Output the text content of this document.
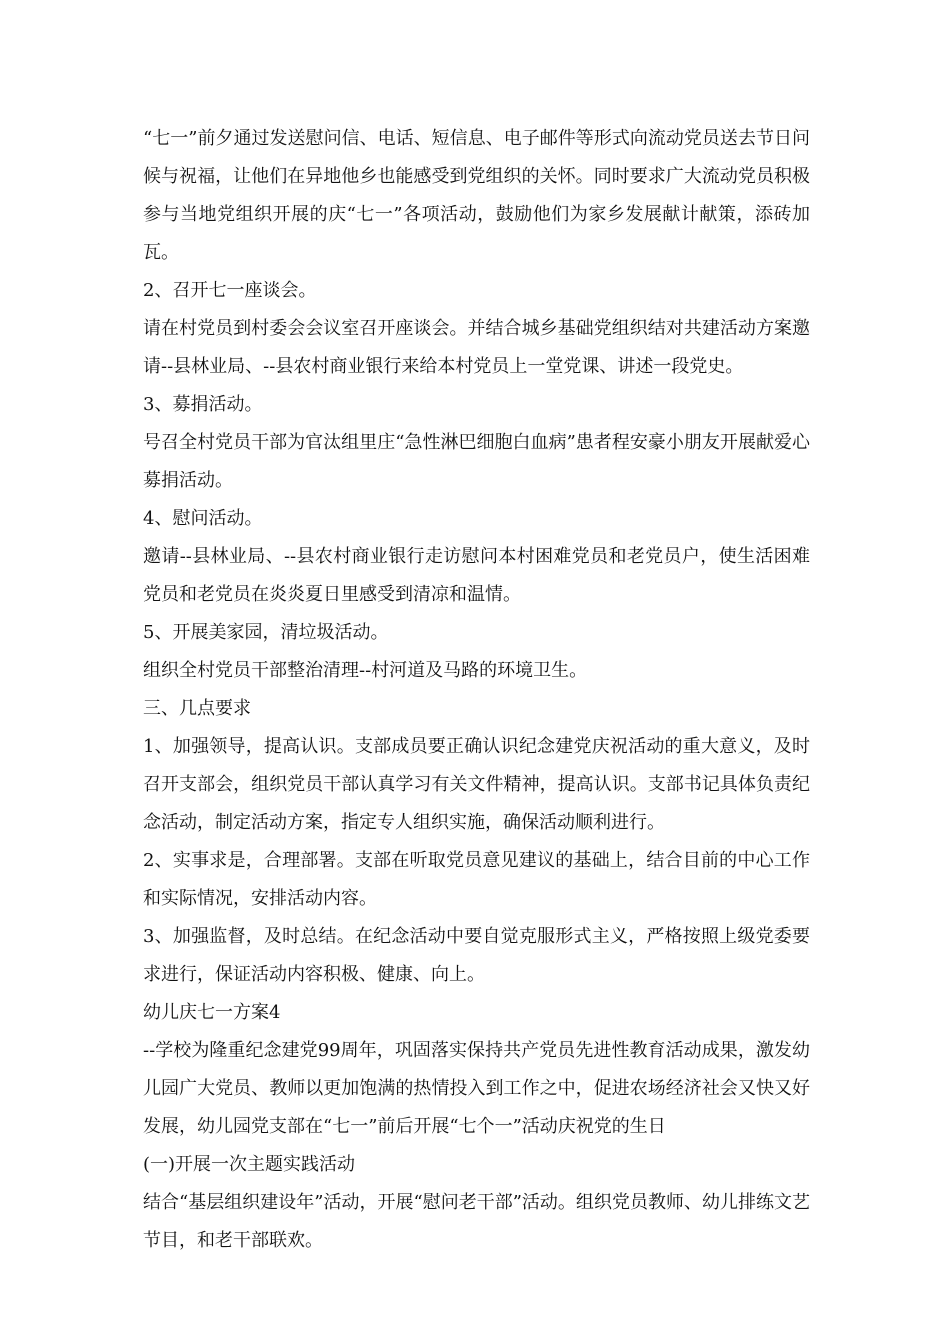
“七一”前夕通过发送慰问信、电话、短信息、电子邮件等形式向流动党员送去节日问候与祝福，让他们在异地他乡也能感受到党组织的关怀。同时要求广大流动党员积极参与当地党组织开展的庆“七一”各项活动，鼓励他们为家乡发展献计献策，添砖加瓦。

2、召开七一座谈会。

请在村党员到村委会会议室召开座谈会。并结合城乡基础党组织结对共建活动方案邀请--县林业局、--县农村商业银行来给本村党员上一堂党课、讲述一段党史。

3、募捐活动。

号召全村党员干部为官汰组里庄“急性淋巴细胞白血病”患者程安豪小朋友开展献爱心募捐活动。

4、慰问活动。

邀请--县林业局、--县农村商业银行走访慰问本村困难党员和老党员户，使生活困难党员和老党员在炎炎夏日里感受到清凉和温情。

5、开展美家园，清垃圾活动。

组织全村党员干部整治清理--村河道及马路的环境卫生。

三、几点要求

1、加强领导，提高认识。支部成员要正确认识纪念建党庆祝活动的重大意义，及时召开支部会，组织党员干部认真学习有关文件精神，提高认识。支部书记具体负责纪念活动，制定活动方案，指定专人组织实施，确保活动顺利进行。

2、实事求是，合理部署。支部在听取党员意见建议的基础上，结合目前的中心工作和实际情况，安排活动内容。

3、加强监督，及时总结。在纪念活动中要自觉克服形式主义，严格按照上级党委要求进行，保证活动内容积极、健康、向上。

幼儿庆七一方案4

--学校为隆重纪念建党99周年，巩固落实保持共产党员先进性教育活动成果，激发幼儿园广大党员、教师以更加饱满的热情投入到工作之中，促进农场经济社会又快又好发展，幼儿园党支部在“七一”前后开展“七个一”活动庆祝党的生日

(一)开展一次主题实践活动

结合“基层组织建设年”活动，开展“慰问老干部”活动。组织党员教师、幼儿排练文艺节目，和老干部联欢。
